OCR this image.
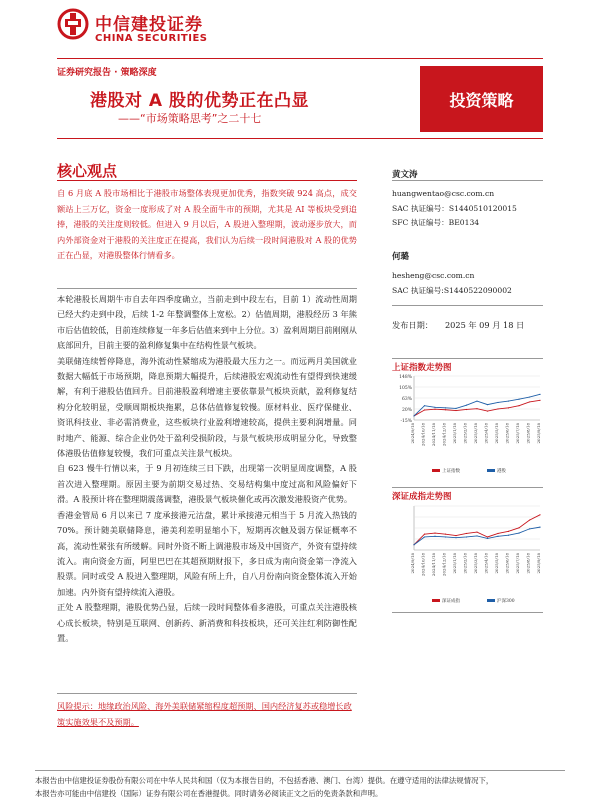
中信建投证券
CHINA SECURITIES
证券研究报告 · 策略深度
港股对 A 股的优势正在凸显
——“市场策略思考”之二十七
投资策略
核心观点
自 6 月底 A 股市场相比于港股市场整体表现更加优秀，指数突破 924 高点，成交额站上三万亿，资金一度形成了对 A 股全面牛市的预期，尤其是 AI 等板块受到追捧，港股的关注度则较低。但进入 9 月以后，A 股进入整理期，波动逐步放大，而内外部资金对于港股的关注度正在提高，我们认为后续一段时间港股对 A 股的优势正在凸显，对港股整体行情看多。

本轮港股长周期牛市自去年四季度确立，当前走到中段左右，目前 1）流动性周期已经大约走到中段，后续 1-2 年整调整体上宽松。2）估值周期，港股经历 3 年熊市后估值较低，目前连续修复一年多后估值来到中上分位。3）盈利周期目前刚刚从底部回升，目前主要的盈利修复集中在结构性景气板块。

美联储连续暂停降息，海外流动性紧缩成为港股最大压力之一。而远两月美国就业数据大幅低于市场预期，降息预期大幅提升，后续港股宏观流动性有望得到快速缓解，有利于港股估值回升。目前港股盈利增速主要依靠景气板块贡献，盈利修复结构分化较明显，受顺周期板块拖累，总体估值修复较慢。原材料业、医疗保健业、资讯科技业、非必需消费业，这些板块行业盈利增速较高，提供主要利润增量。同时地产、能源、综合企业仍处于盈利受损阶段，与景气板块形成明显分化，导致整体港股估值修复较慢，我们可重点关注景气板块。

自 623 慢牛行情以来，于 9 月初连续三日下跌，出现第一次明显周度调整，A 股首次进入整理期。原因主要为前期交易过热、交易结构集中度过高和风险偏好下滑。A 股预计将在整理期震荡调整，港股景气板块催化或再次激发港股资产优势。

香港金管局 6 月以来已 7 度承接港元沽盘，累计承接港元相当于 5 月流入热钱的 70%。预计随美联储降息，港美利差明显缩小下，短期再次触及弱方保证概率不高，流动性紧张有所缓解。同时外资不断上调港股市场及中国资产，外资有望持续流入。南向资金方面，阿里巴巴在其超预期财报下，多日成为南向资金第一净流入股票。同时或受 A 股进入整理期，风险有所上升，自八月份南向资金整体流入开始加速。内外资有望持续流入港股。

正处 A 股整理期，港股优势凸显，后续一段时间整体看多港股，可重点关注港股核心成长板块，特别是互联网、创新药、新消费和科技板块，还可关注红利防御性配置。

风险提示：地缘政治风险、海外美联储紧缩程度超预期、国内经济复苏或稳增长政策实施效果不及预期。
黄文涛
huangwentao@csc.com.cn
SAC 执证编号：S1440510120015
SFC 执证编号：BE0134
何璐
hesheng@csc.com.cn
SAC 执证编号:S1440522090002
发布日期： 2025 年 09 月 18 日
上证指数走势图
148%
105%
63%
20%
-15%
2024/9/18 2024/10/18 2024/11/18 2024/12/18 2025/1/18 2025/2/18 2025/3/18 2025/4/18 2025/5/18 2025/6/18 2025/7/18 2025/8/18 2025/9/18
上证指数	港股
深证成指走势图
2024/9/18 2024/10/18 2024/11/18 2024/12/18 2025/1/18 2025/2/18 2025/3/18 2025/4/18 2025/5/18 2025/6/18 2025/7/18 2025/8/18 2025/9/18
深证成指	沪深300
本报告由中信建投证券股份有限公司在中华人民共和国（仅为本报告目的，不包括香港、澳门、台湾）提供。在遵守适用的法律法规情况下，
本报告亦可能由中信建投（国际）证券有限公司在香港提供。同时请务必阅读正文之后的免责条款和声明。
